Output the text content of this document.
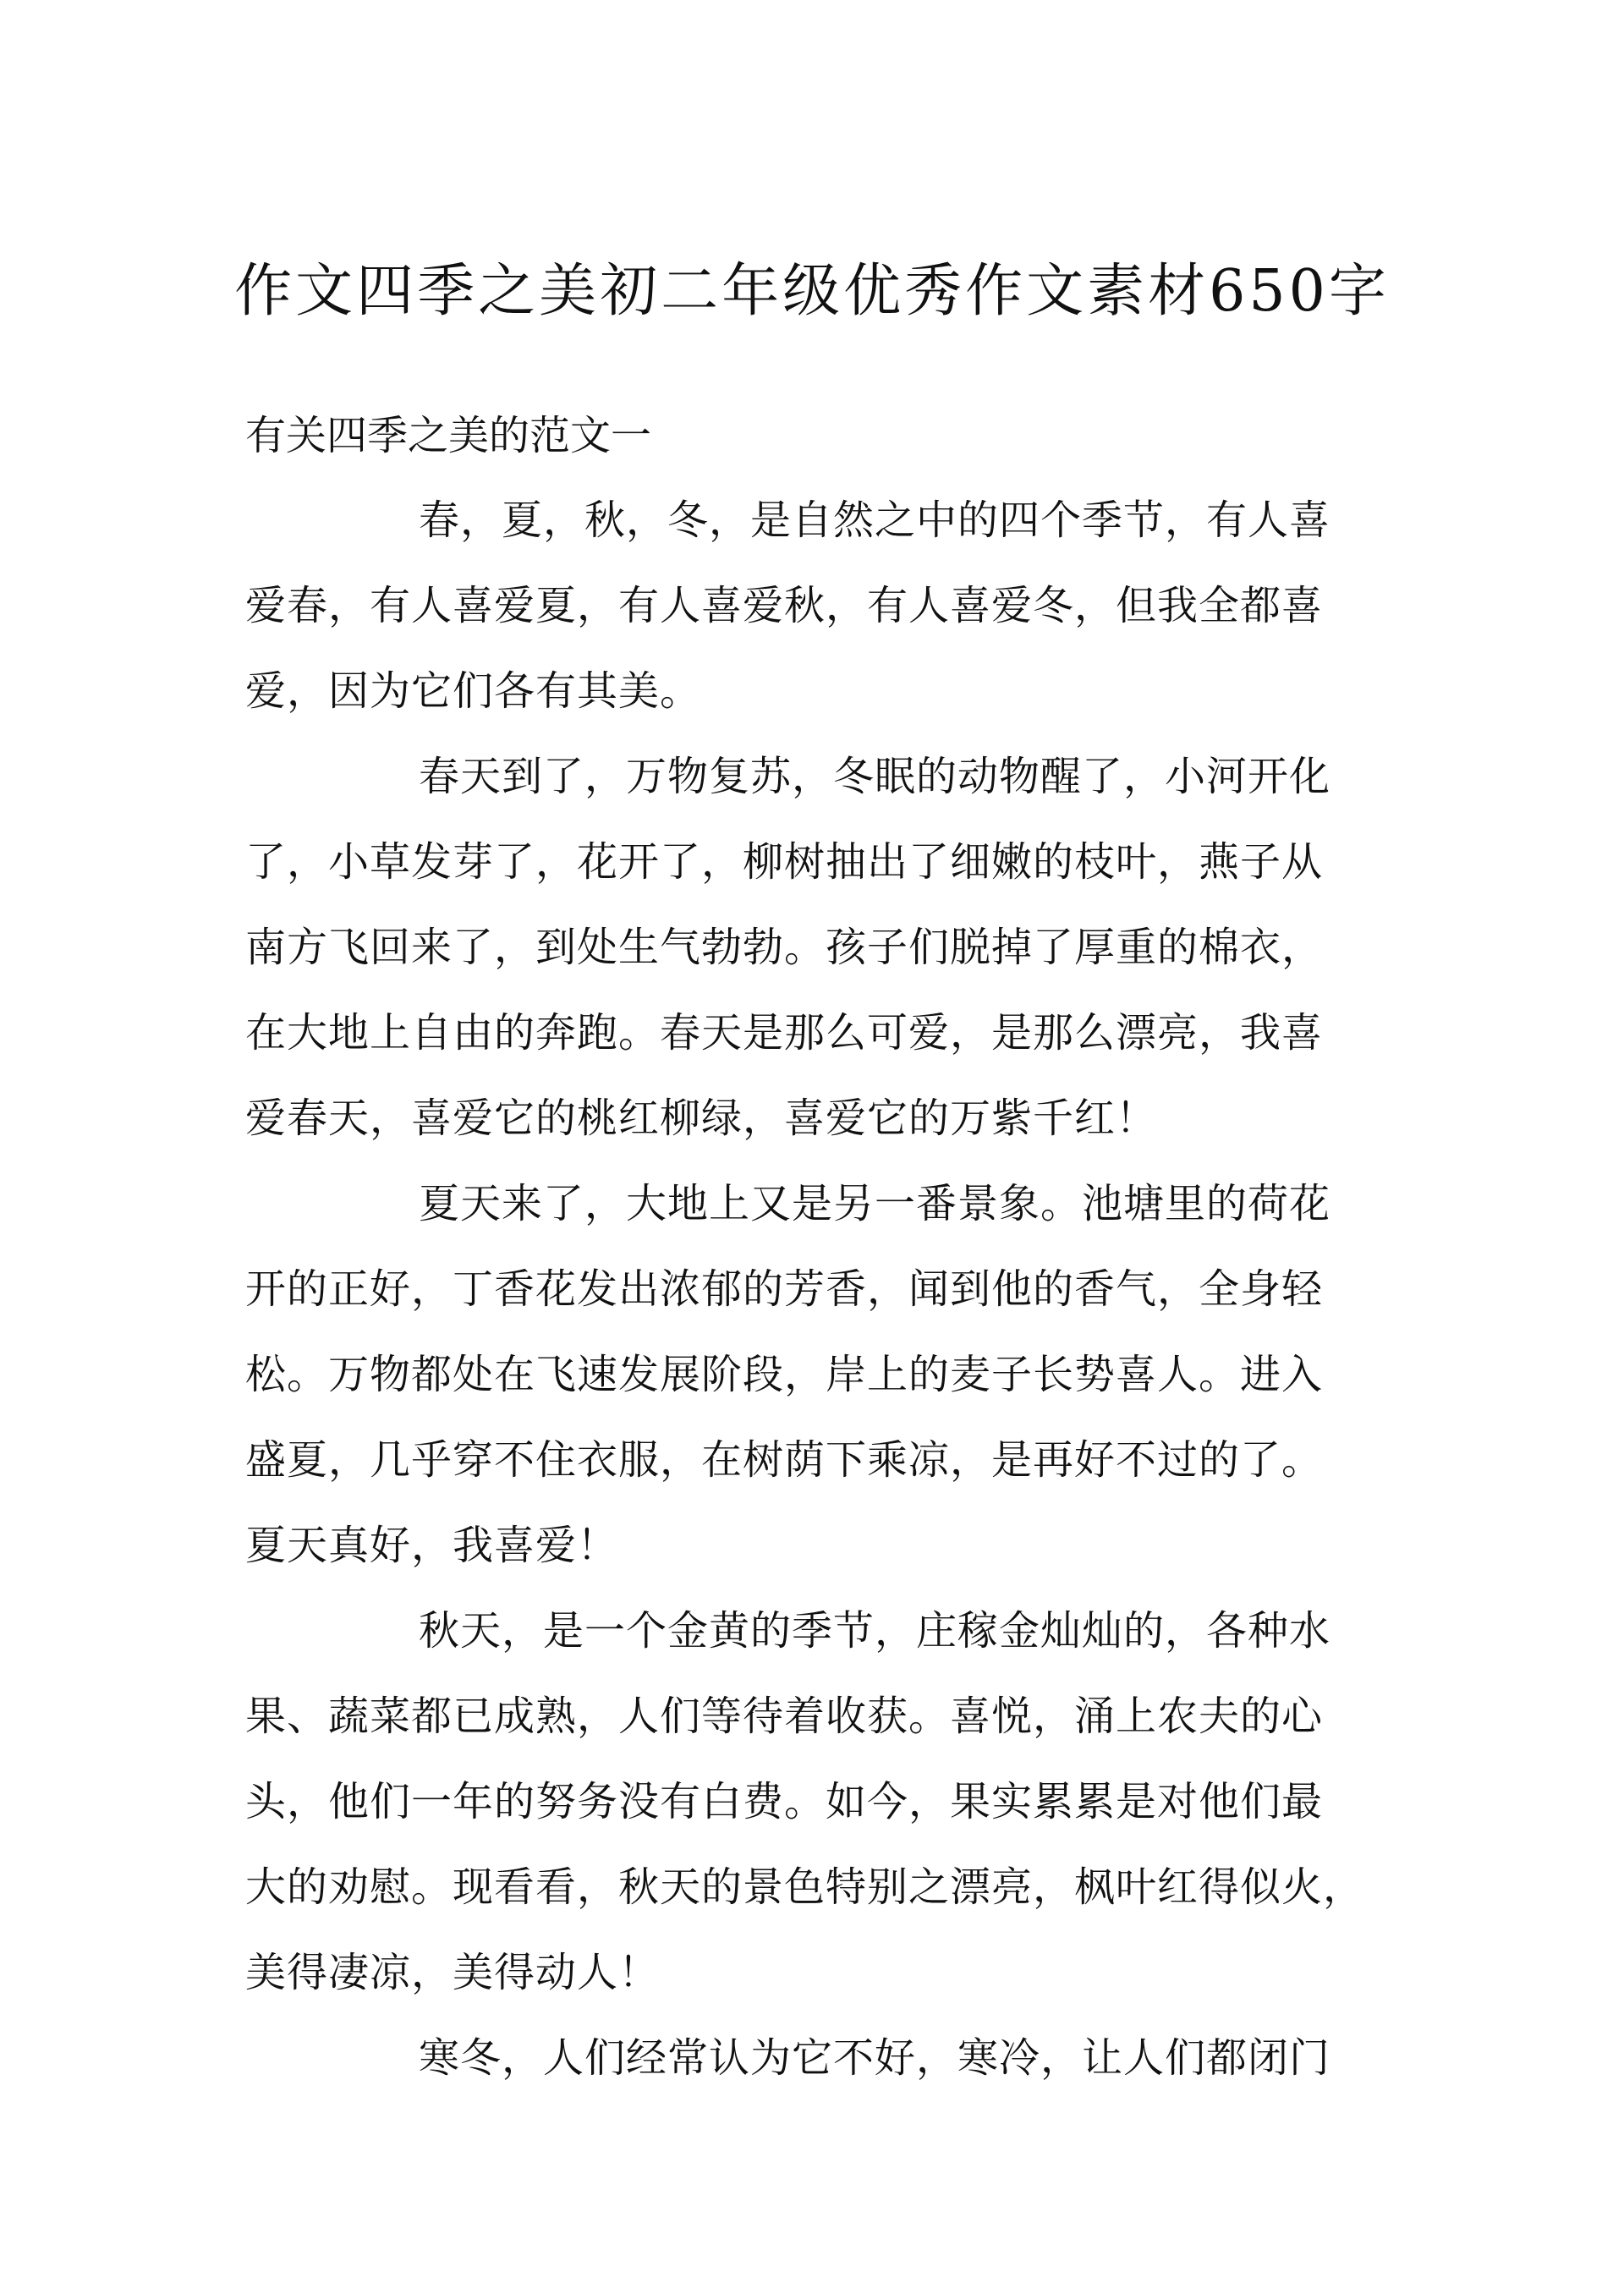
作文四季之美初二年级优秀作文素材650字

有关四季之美的范文一

春，夏，秋，冬，是自然之中的四个季节，有人喜

爱春，有人喜爱夏，有人喜爱秋，有人喜爱冬，但我全都喜

爱，因为它们各有其美。

春天到了，万物复苏，冬眠的动物醒了，小河开化

了，小草发芽了，花开了，柳树抽出了细嫩的枝叶，燕子从

南方飞回来了，到处生气勃勃。孩子们脱掉了厚重的棉衣，

在大地上自由的奔跑。春天是那么可爱，是那么漂亮，我喜

爱春天，喜爱它的桃红柳绿，喜爱它的万紫千红！

夏天来了，大地上又是另一番景象。池塘里的荷花

开的正好，丁香花发出浓郁的芳香，闻到他的香气，全身轻

松。万物都处在飞速发展阶段，岸上的麦子长势喜人。进入

盛夏，几乎穿不住衣服，在树荫下乘凉，是再好不过的了。

夏天真好，我喜爱！

秋天，是一个金黄的季节，庄稼金灿灿的，各种水

果、蔬菜都已成熟，人们等待着收获。喜悦，涌上农夫的心

头，他们一年的努务没有白费。如今，果实累累是对他们最

大的劝慰。现看看，秋天的景色特别之漂亮，枫叶红得似火，

美得凄凉，美得动人！

寒冬，人们经常认为它不好，寒冷，让人们都闭门
